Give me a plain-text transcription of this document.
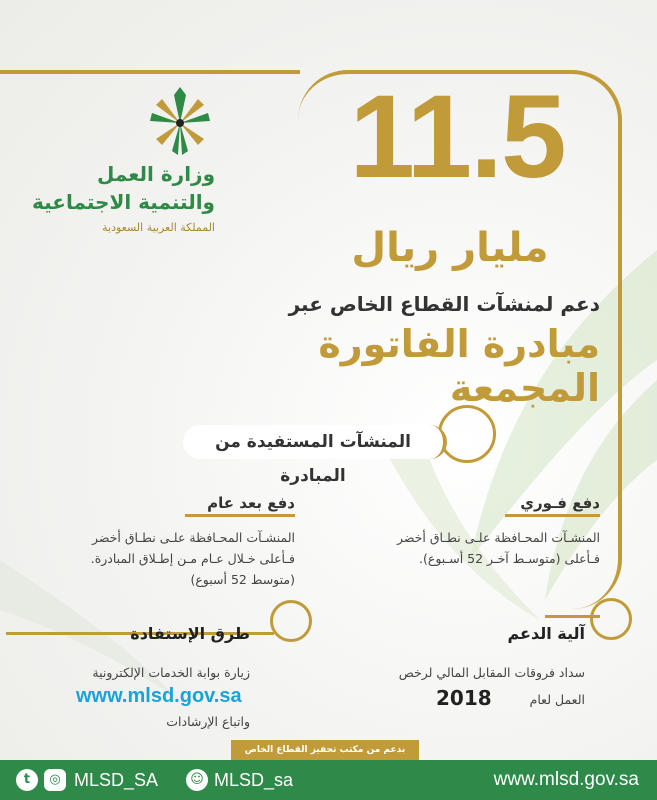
وزارة العمل
والتنمية الاجتماعية
المملكة العربية السعودية
11.5
مليار ريال
دعم لمنشآت القطاع الخاص عبر
مبادرة الفاتورة المجمعة
المنشآت المستفيدة من المبادرة
دفع فـوري
المنشـآت المحـافظة علـى نطـاق أخضر
فـأعلى (متوسـط آخـر 52 أسـبوع).
دفع بعد عام
المنشـآت المحـافظة علـى نطـاق أخضر
فـأعلى خـلال عـام مـن إطـلاق المبادرة.
(متوسط 52 أسبوع)
آلية الدعم
سداد فروقات المقابل المالي لرخص
العمل لعام
2018
طرق الإستفادة
زيارة بوابة الخدمات الإلكترونية
www.mlsd.gov.sa
واتباع الإرشادات
بدعم من مكتب تحفيز القطاع الخاص
t	◎ MLSD_SA	☺ MLSD_sa	www.mlsd.gov.sa
